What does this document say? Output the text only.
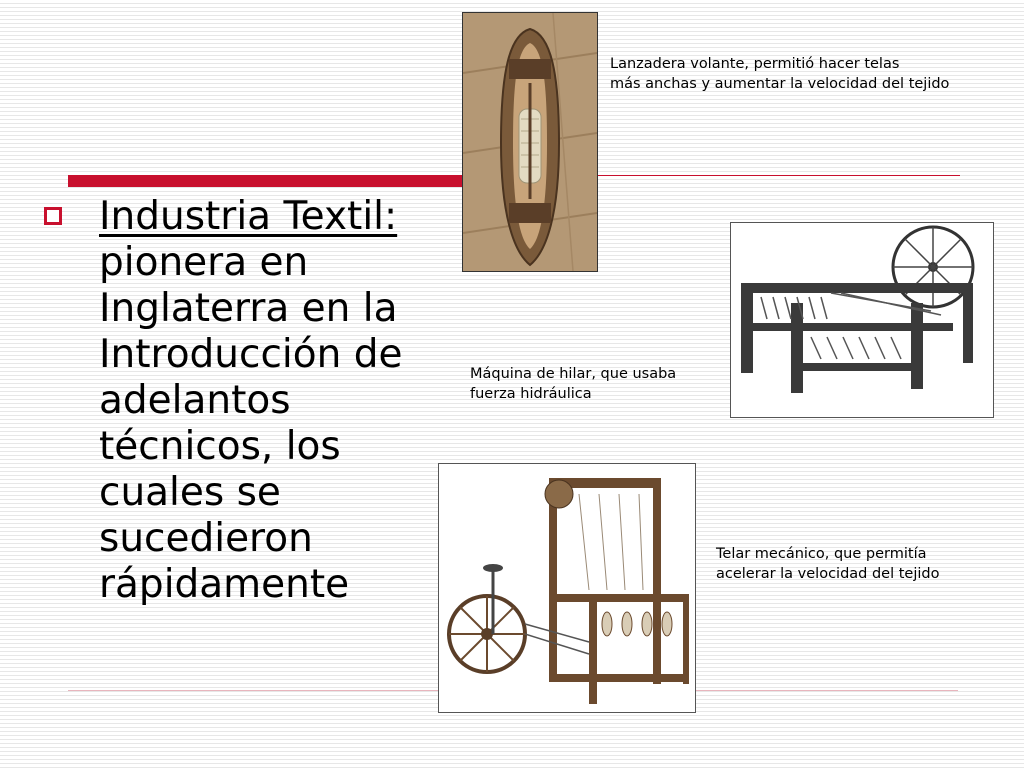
Industria Textil: pionera en Inglaterra en la Introducción de adelantos técnicos, los cuales se sucedieron rápidamente
Lanzadera volante, permitió hacer telas
más anchas y aumentar la velocidad del tejido
Máquina de hilar, que usaba
fuerza hidráulica
Telar mecánico, que permitía
acelerar la velocidad del tejido
